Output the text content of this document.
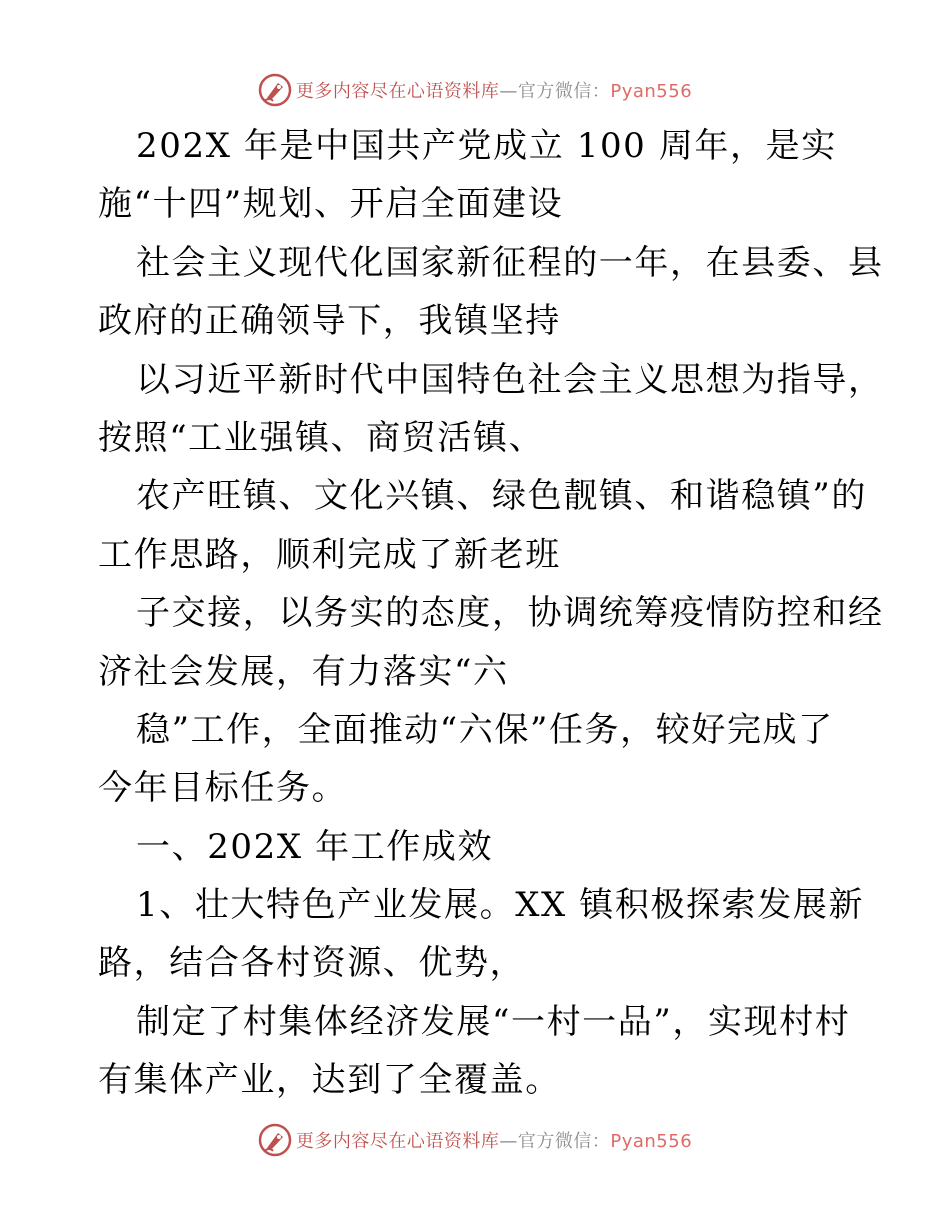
更多内容尽在心语资料库—官方微信：Pyan556
202X 年是中国共产党成立 100 周年，是实
施“十四”规划、开启全面建设
社会主义现代化国家新征程的一年，在县委、县
政府的正确领导下，我镇坚持
以习近平新时代中国特色社会主义思想为指导，
按照“工业强镇、商贸活镇、
农产旺镇、文化兴镇、绿色靓镇、和谐稳镇”的
工作思路，顺利完成了新老班
子交接，以务实的态度，协调统筹疫情防控和经
济社会发展，有力落实“六
稳”工作，全面推动“六保”任务，较好完成了
今年目标任务。
一、202X 年工作成效
1、壮大特色产业发展。XX 镇积极探索发展新
路，结合各村资源、优势，
制定了村集体经济发展“一村一品”，实现村村
有集体产业，达到了全覆盖。
更多内容尽在心语资料库—官方微信：Pyan556
